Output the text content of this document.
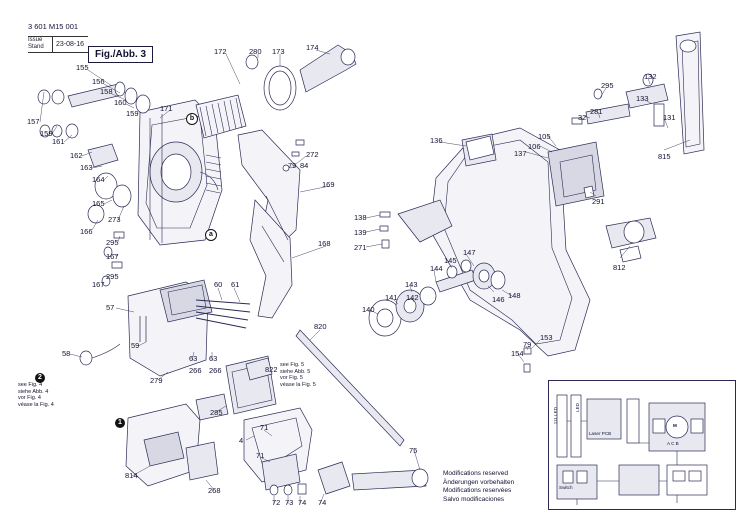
3 601 M15 001
Issue
Stand 23-08-16
Fig./Abb. 3
155
156
158
160
159
171
157
159
161
162
163
164
165
166
273
295
167
295
167
172	280 173	174
272
79 84
169
168
138
139
271
136	105
106
137
32
281
295
132
133
131
815
291
812
147
145
144
143
141 142
140
146 148
153
79
154
57
58
59
60 61
63 63
266 266
279
285
822
820
4
71
71
814
268
72 73 74 74
75
a
b
1
2
see Fig. 4
siehe Abb. 4
vor Fig. 4
véase la Fig. 4
see Fig. 5
siehe Abb. 5
vor Fig. 5
véase la Fig. 5
Modifications reserved
Änderungen vorbehalten
Modifications reservées
Salvo modificaciones
A C B
M
Switch
Laser PCB
LED
111 LED
